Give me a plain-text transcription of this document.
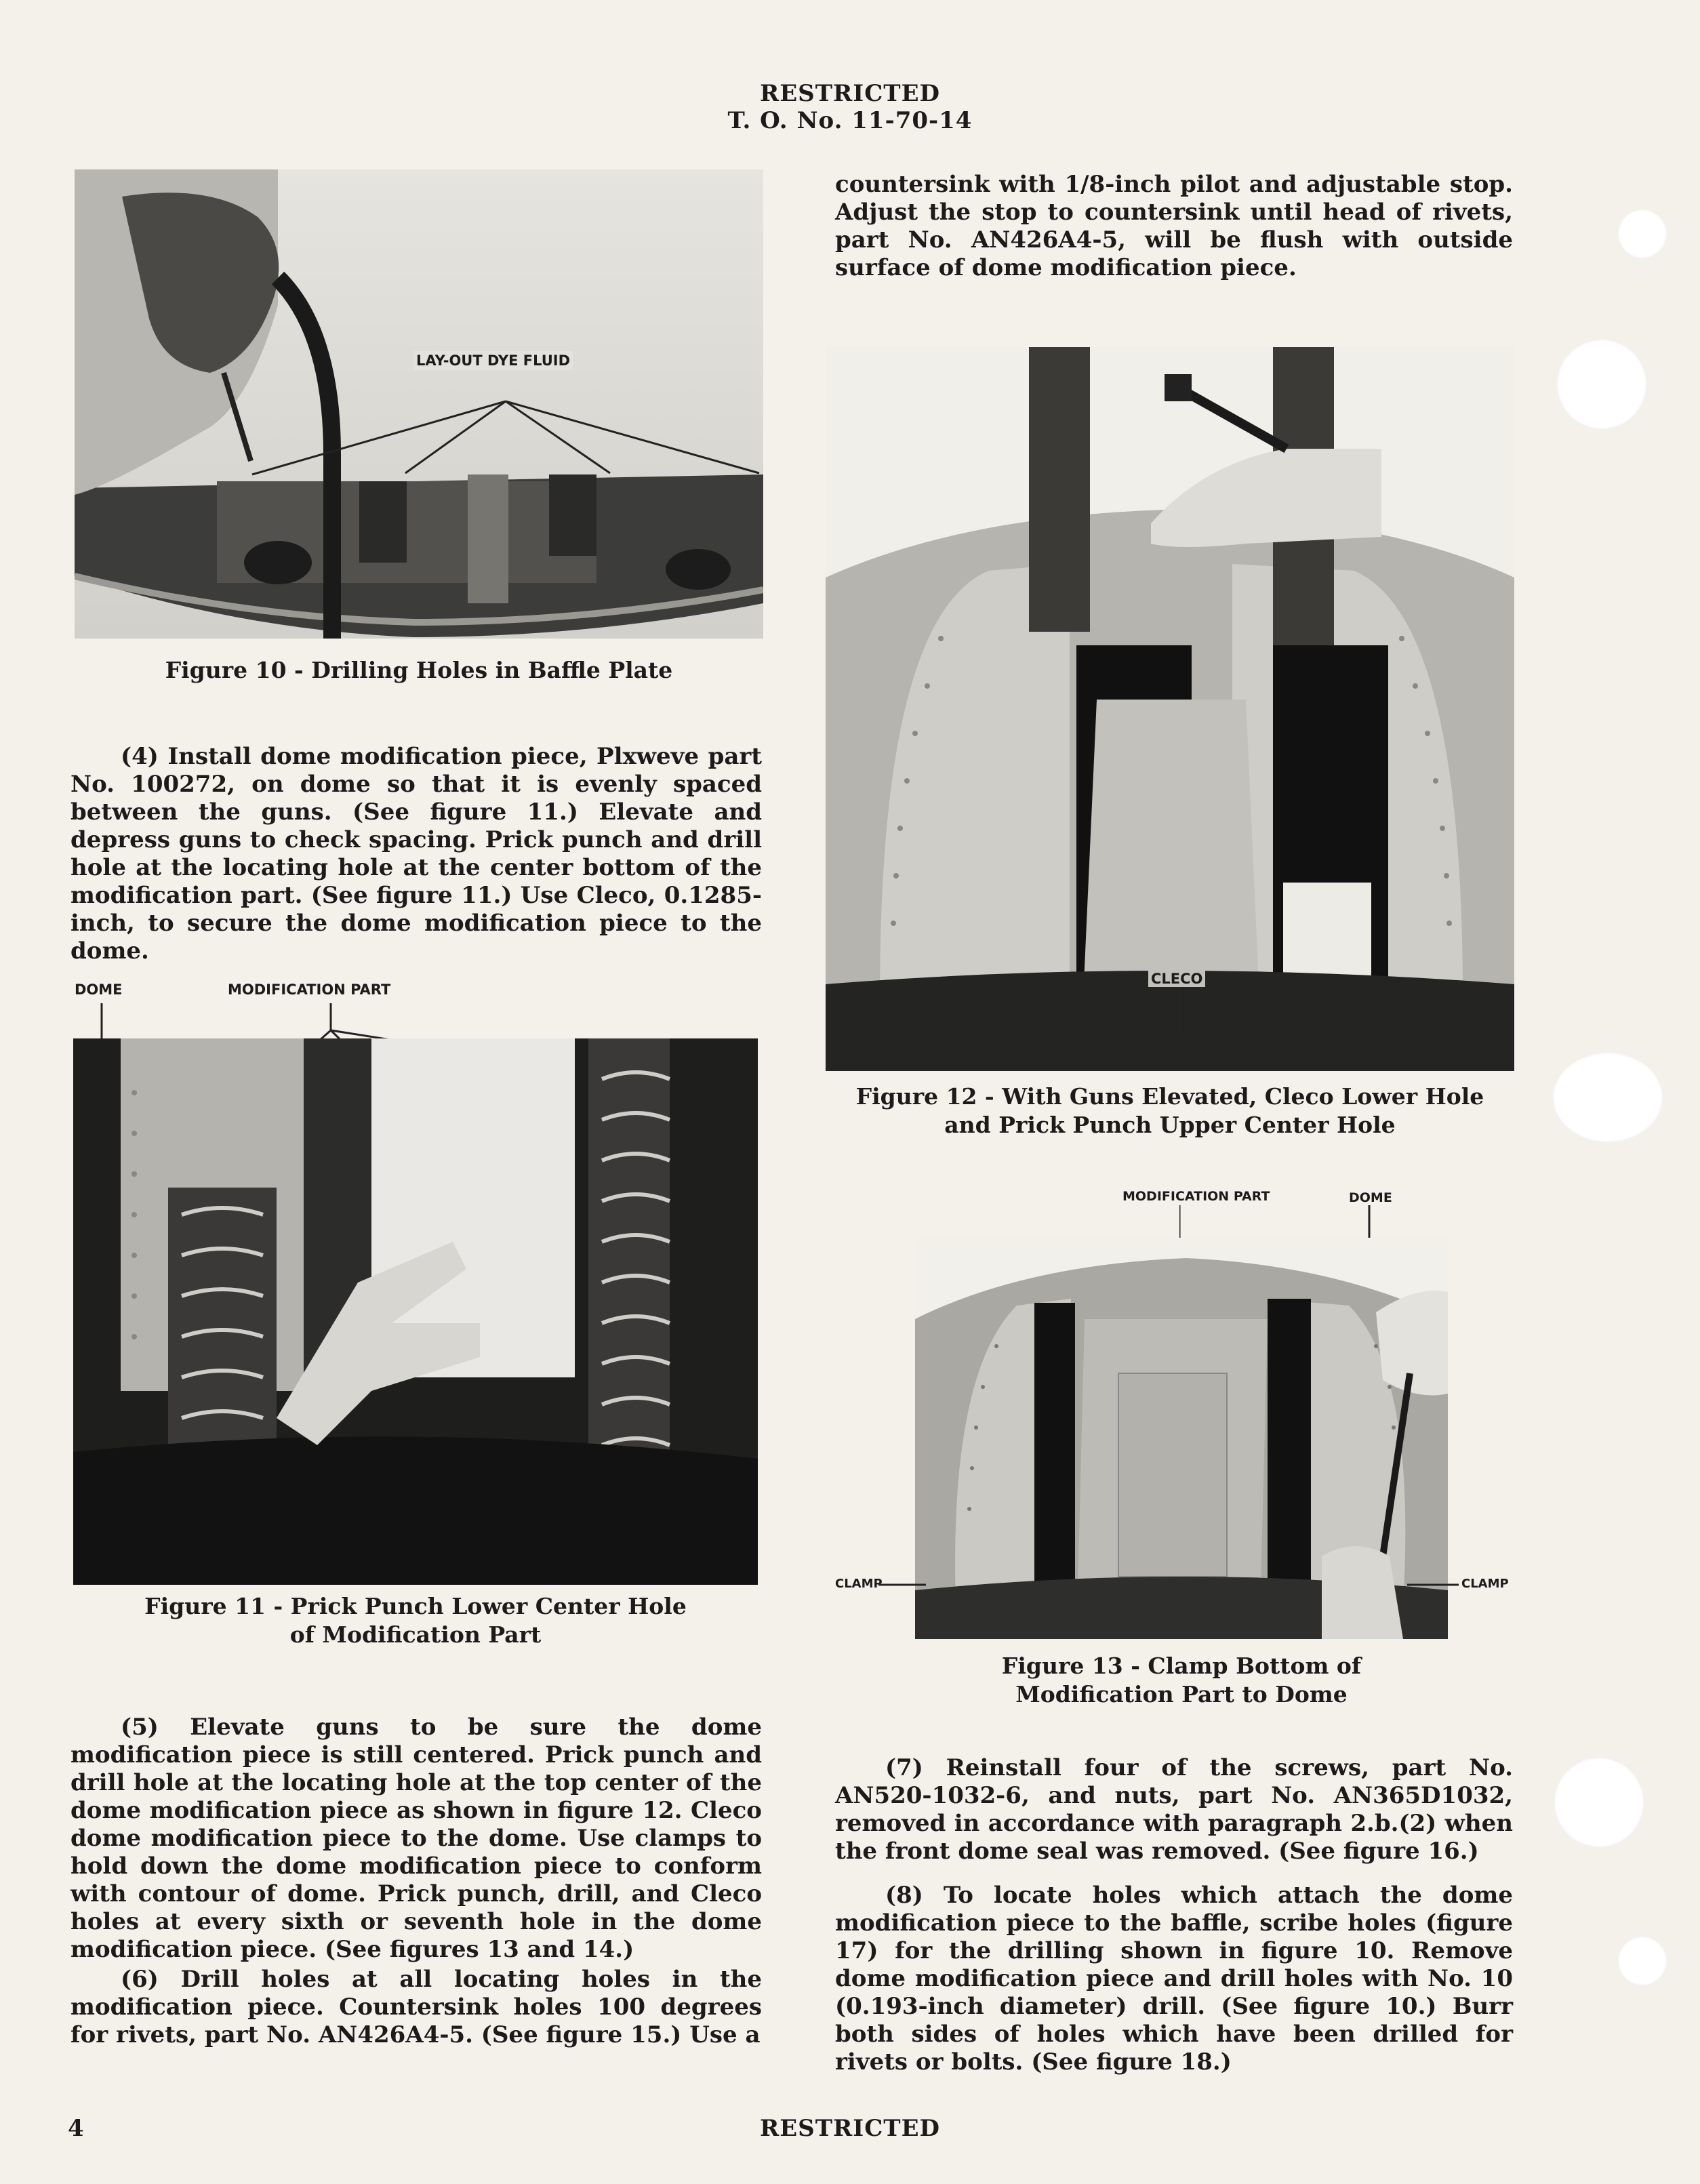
RESTRICTED
T. O. No. 11-70-14
LAY-OUT DYE FLUID
Figure 10 - Drilling Holes in Baffle Plate
(4) Install dome modification piece, Plxweve part No. 100272, on dome so that it is evenly spaced between the guns. (See figure 11.) Elevate and depress guns to check spacing. Prick punch and drill hole at the locating hole at the center bottom of the modification part. (See figure 11.) Use Cleco, 0.1285-inch, to secure the dome modification piece to the dome.
DOME	MODIFICATION PART
Figure 11 - Prick Punch Lower Center Hole
of Modification Part
(5) Elevate guns to be sure the dome modification piece is still centered. Prick punch and drill hole at the locating hole at the top center of the dome modification piece as shown in figure 12. Cleco dome modification piece to the dome. Use clamps to hold down the dome modification piece to conform with contour of dome. Prick punch, drill, and Cleco holes at every sixth or seventh hole in the dome modification piece. (See figures 13 and 14.)
(6) Drill holes at all locating holes in the modification piece. Countersink holes 100 degrees for rivets, part No. AN426A4-5. (See figure 15.) Use a
countersink with 1/8-inch pilot and adjustable stop. Adjust the stop to countersink until head of rivets, part No. AN426A4-5, will be flush with outside surface of dome modification piece.
CLECO
Figure 12 - With Guns Elevated, Cleco Lower Hole
and Prick Punch Upper Center Hole
MODIFICATION PART	DOME
CLAMP	CLAMP
Figure 13 - Clamp Bottom of
Modification Part to Dome
(7) Reinstall four of the screws, part No. AN520-1032-6, and nuts, part No. AN365D1032, removed in accordance with paragraph 2.b.(2) when the front dome seal was removed. (See figure 16.)
(8) To locate holes which attach the dome modification piece to the baffle, scribe holes (figure 17) for the drilling shown in figure 10. Remove dome modification piece and drill holes with No. 10 (0.193-inch diameter) drill. (See figure 10.) Burr both sides of holes which have been drilled for rivets or bolts. (See figure 18.)
4	RESTRICTED
